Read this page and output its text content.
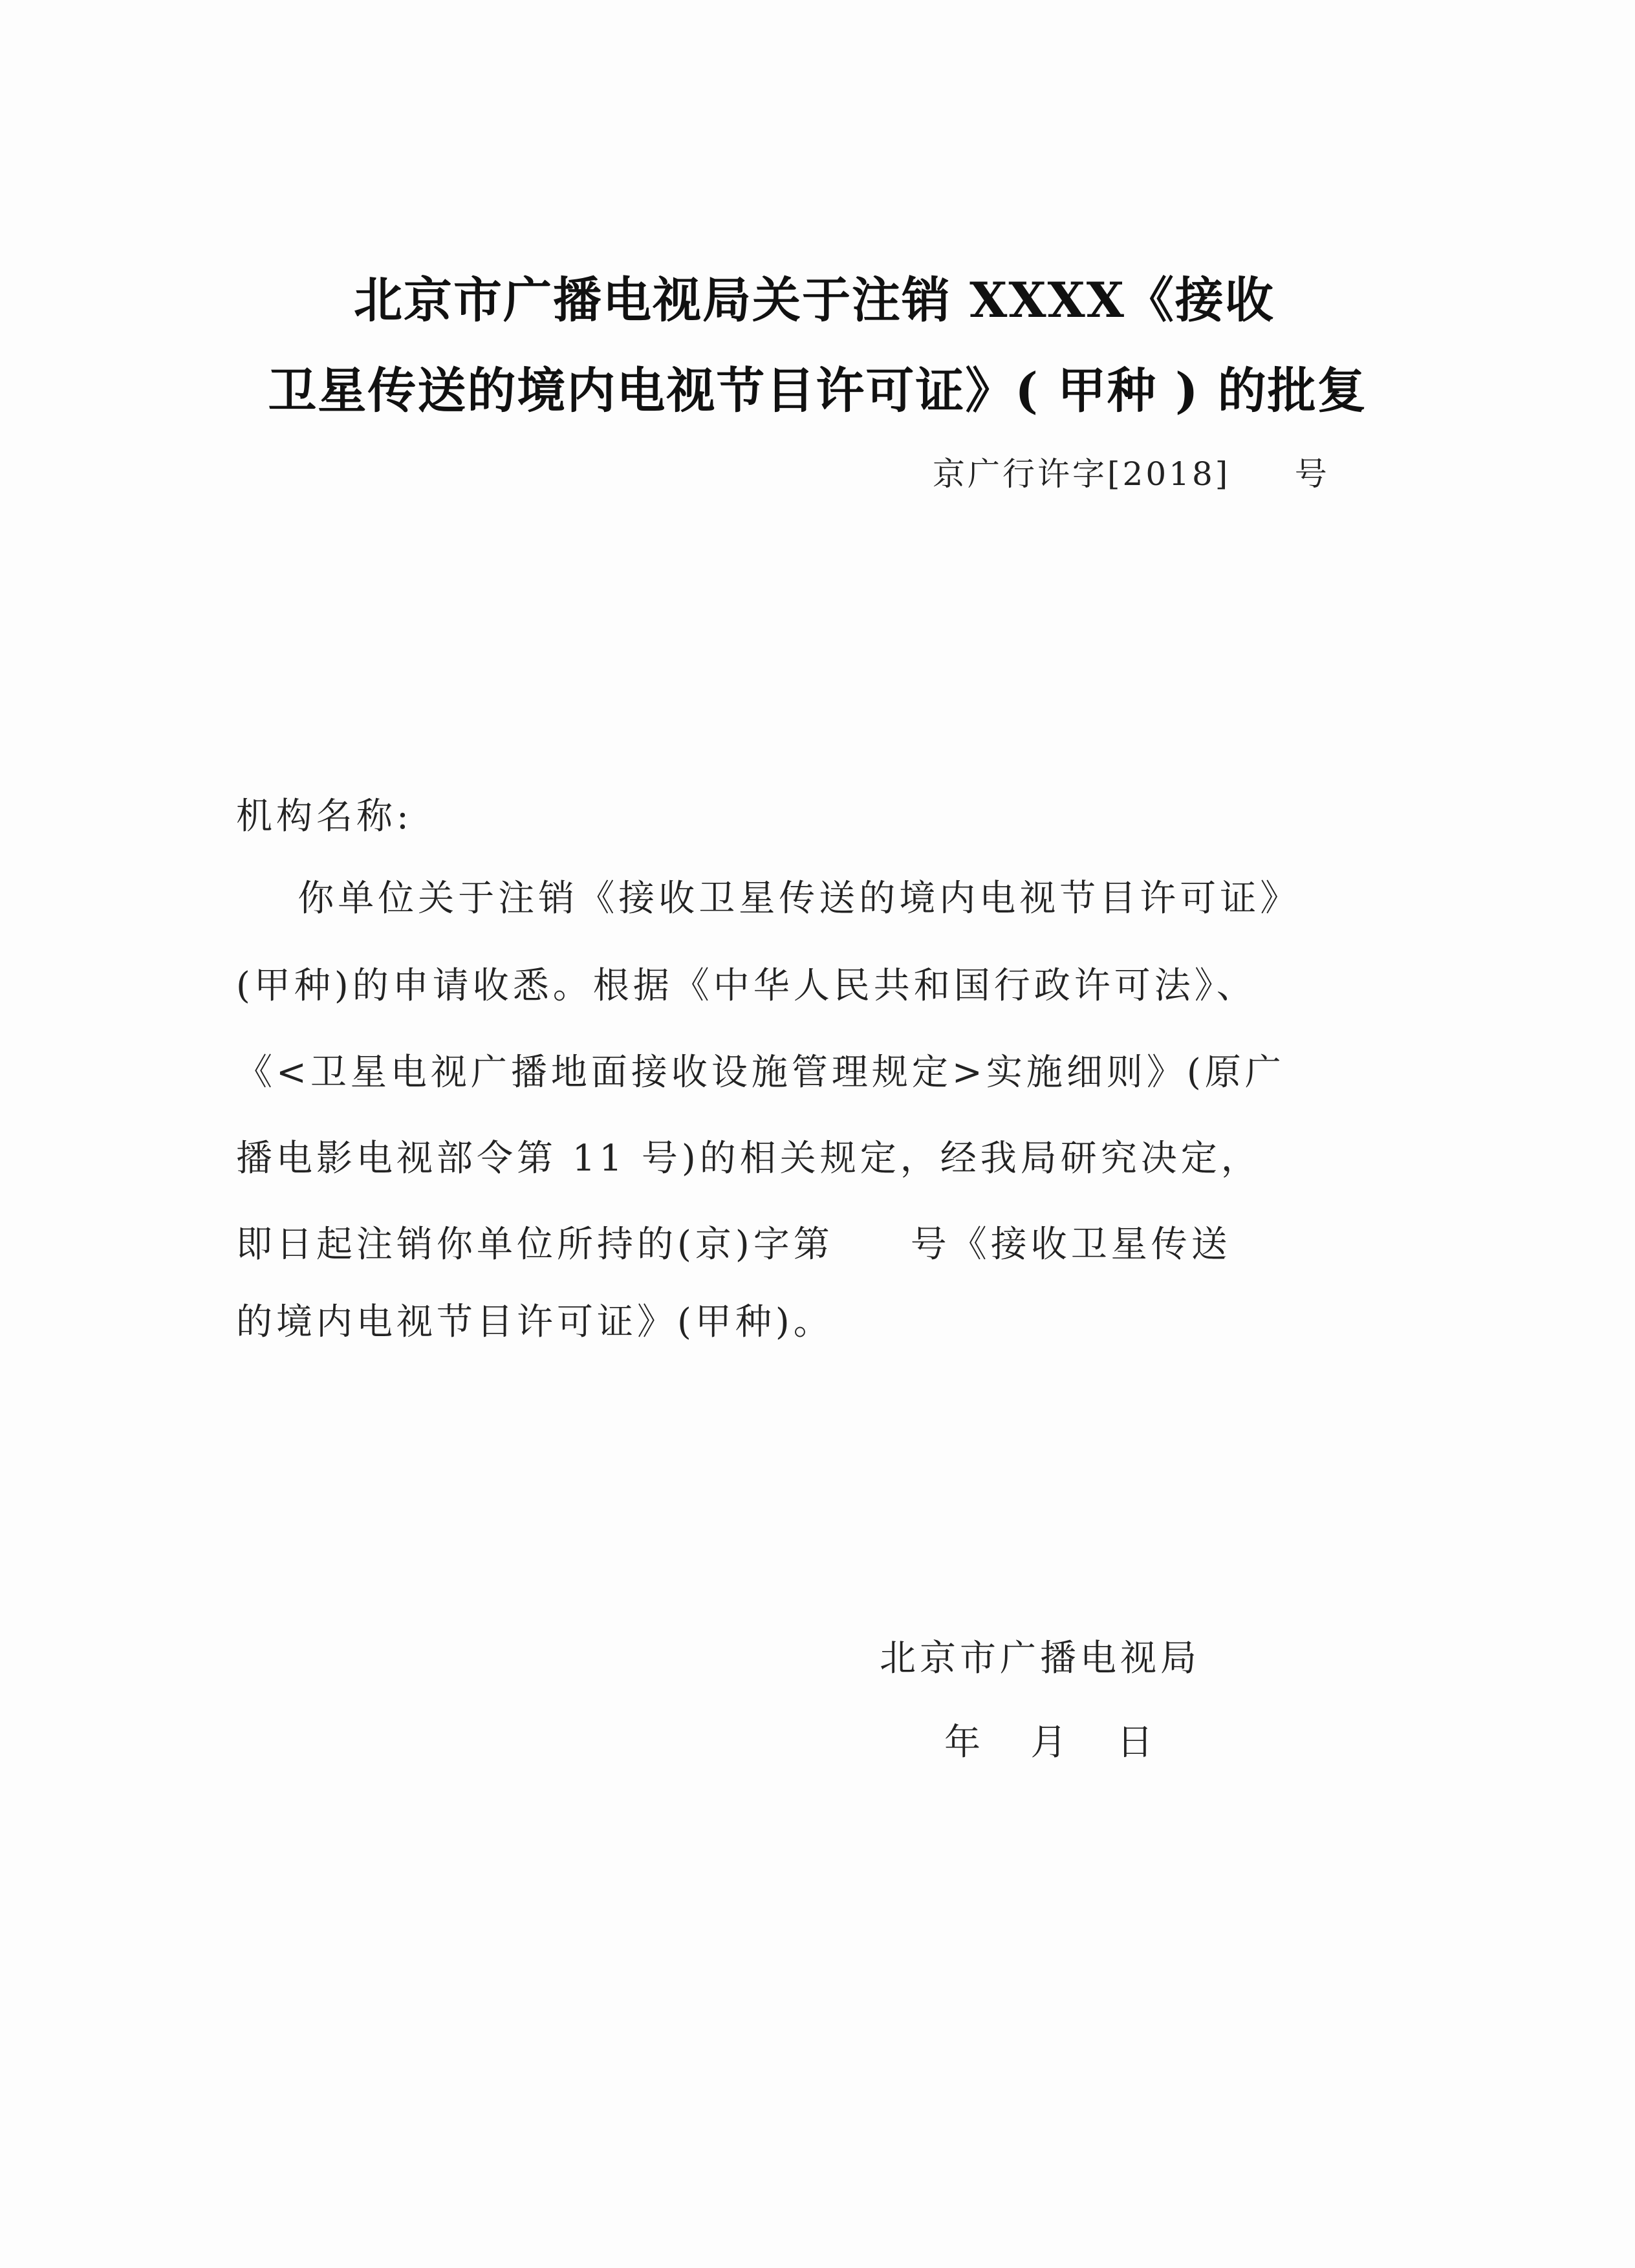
北京市广播电视局关于注销 XXXX《接收
卫星传送的境内电视节目许可证》( 甲种 ) 的批复
京广行许字[2018]     号
机构名称:
你单位关于注销《接收卫星传送的境内电视节目许可证》
(甲种)的申请收悉。根据《中华人民共和国行政许可法》、
《<卫星电视广播地面接收设施管理规定>实施细则》(原广
播电影电视部令第 11 号)的相关规定，经我局研究决定，
即日起注销你单位所持的(京)字第     号《接收卫星传送
的境内电视节目许可证》(甲种)。
北京市广播电视局
年   月   日
